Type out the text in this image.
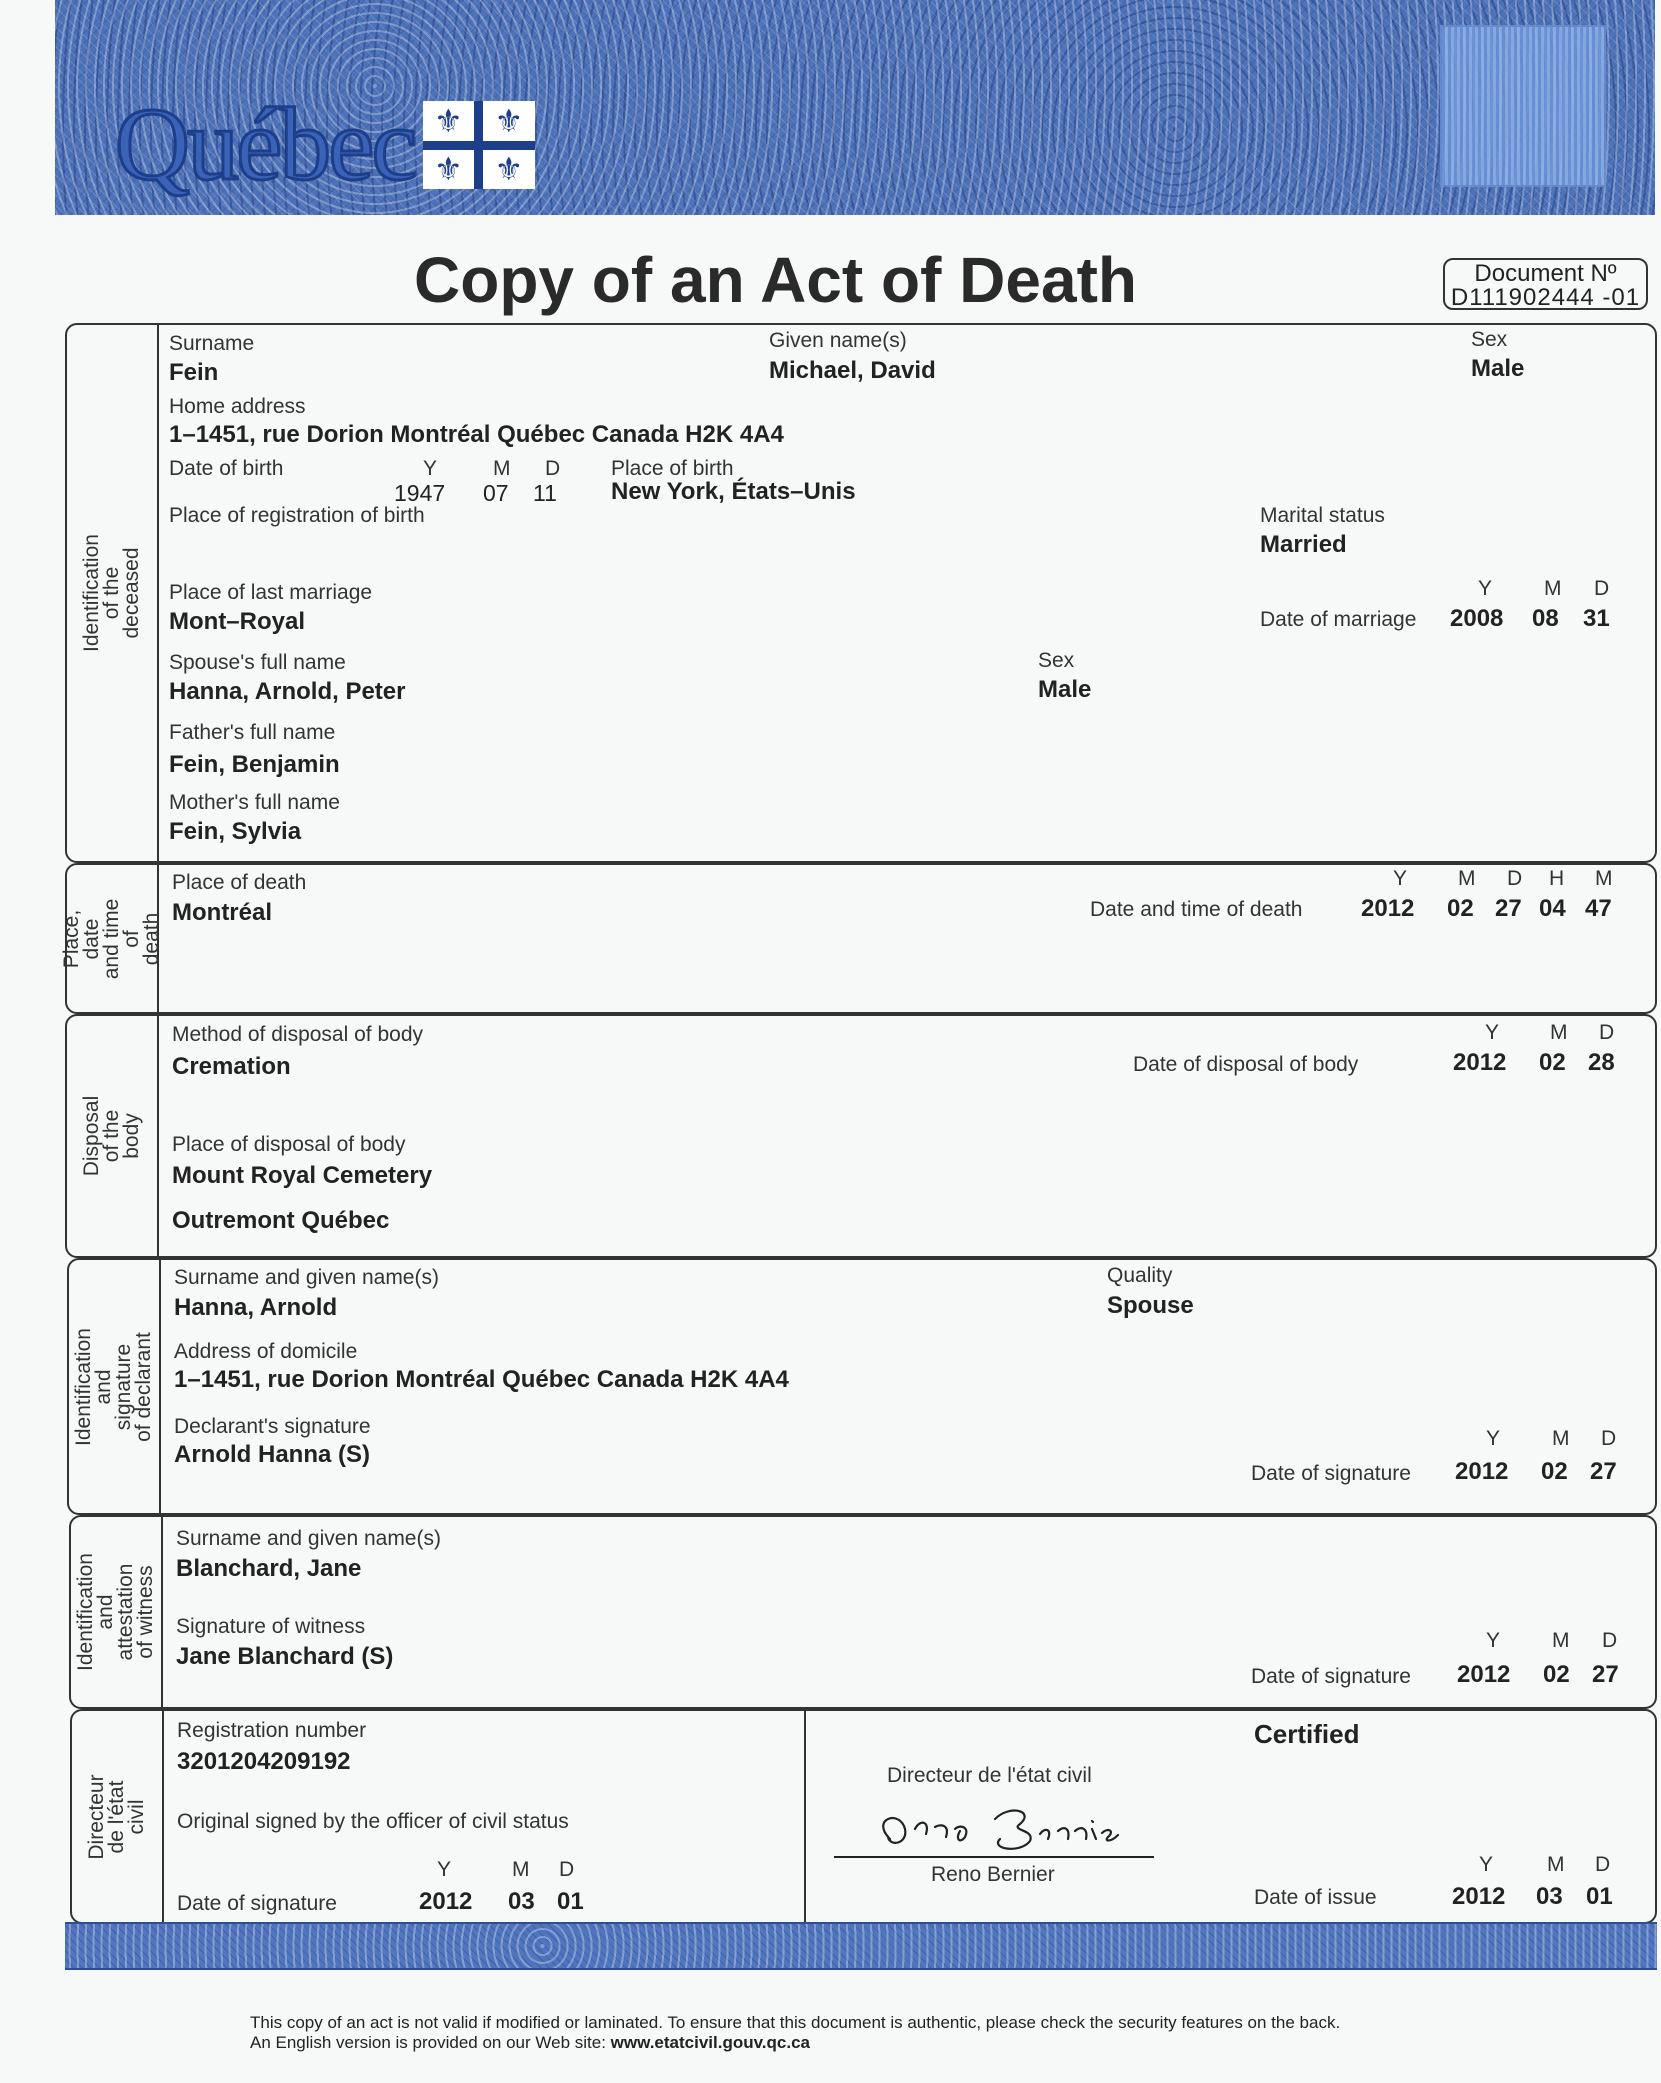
Québec ⚜ ⚜
⚜ ⚜
Copy of an Act of Death	Document Nº
D111902444 -01
Identification of the deceased
Surname
Fein
Given name(s)
Michael, David
Sex
Male
Home address
1–1451, rue Dorion Montréal Québec Canada H2K 4A4
Date of birth	Y	M D
1947 07 11
Place of birth
New York, États–Unis
Place of registration of birth	Marital status
Married
Place of last marriage
Mont–Royal
Y M D
Date of marriage 2008 08 31
Spouse's full name
Hanna, Arnold, Peter
Sex
Male
Father's full name
Fein, Benjamin
Mother's full name
Fein, Sylvia
Place, date
and time of
death
Place of death
Montréal
Y M D H M
Date and time of death 2012 02 27 04 47
Disposal
of the body
Method of disposal of body
Cremation
Y M D
Date of disposal of body	2012 02 28
Place of disposal of body
Mount Royal Cemetery
Outremont Québec
Identification
and signature
of declarant
Surname and given name(s)
Hanna, Arnold
Quality
Spouse
Address of domicile
1–1451, rue Dorion Montréal Québec Canada H2K 4A4
Declarant's signature
Arnold Hanna (S)
Y M D
Date of signature 2012 02 27
Identification
and attestation
of witness
Surname and given name(s)
Blanchard, Jane
Signature of witness
Jane Blanchard (S)
Y M D
Date of signature 2012 02 27
Directeur
de l'état civil
Registration number
3201204209192
Original signed by the officer of civil status
Y	M D
Date of signature	2012 03 01
Certified
Directeur de l'état civil
Reno Bernier	Y	M D
Date of issue	2012 03 01
This copy of an act is not valid if modified or laminated. To ensure that this document is authentic, please check the security features on the back.
An English version is provided on our Web site: www.etatcivil.gouv.qc.ca
